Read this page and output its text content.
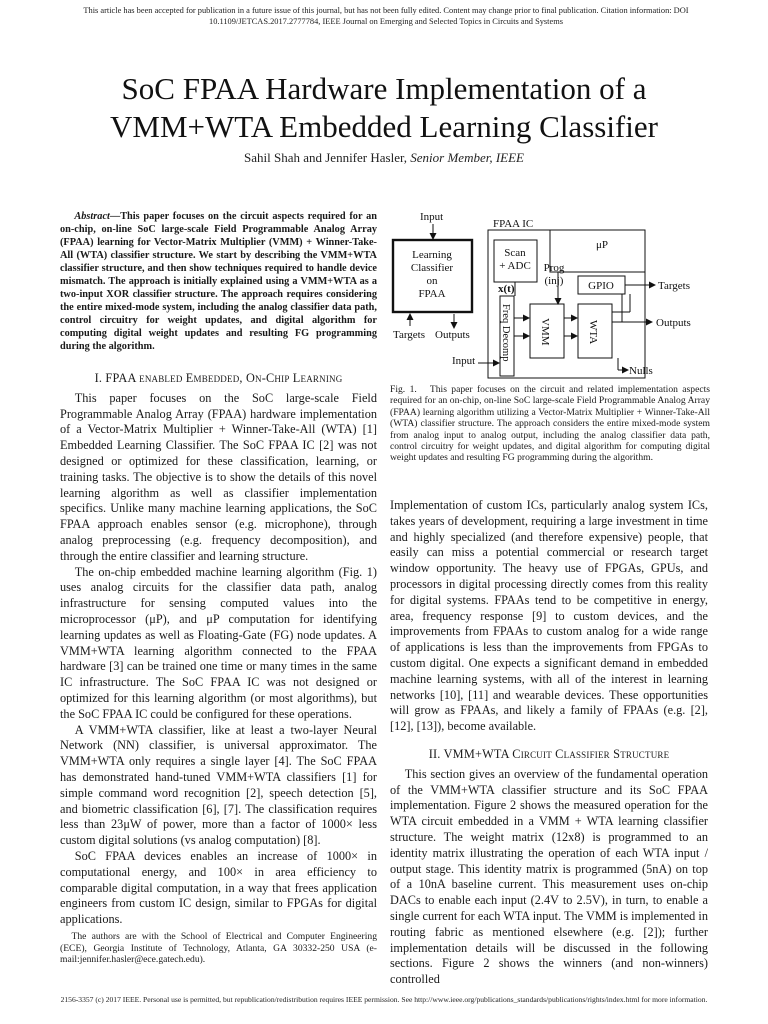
This article has been accepted for publication in a future issue of this journal, but has not been fully edited. Content may change prior to final publication. Citation information: DOI 10.1109/JETCAS.2017.2777784, IEEE Journal on Emerging and Selected Topics in Circuits and Systems
SoC FPAA Hardware Implementation of a
VMM+WTA Embedded Learning Classifier
Sahil Shah and Jennifer Hasler, Senior Member, IEEE

Abstract—This paper focuses on the circuit aspects required for an on-chip, on-line SoC large-scale Field Programmable Analog Array (FPAA) learning for Vector-Matrix Multiplier (VMM) + Winner-Take-All (WTA) classifier structure. We start by describing the VMM+WTA classifier structure, and then show techniques required to handle device mismatch. The approach is initially explained using a VMM+WTA as a two-input XOR classifier structure. The approach requires considering the entire mixed-mode system, including the analog classifier data path, control circuitry for weight updates, and digital algorithm for computing digital weight updates and resulting FG programming during the algorithm.

I. FPAA enabled Embedded, On-Chip Learning

This paper focuses on the SoC large-scale Field Programmable Analog Array (FPAA) hardware implementation of a Vector-Matrix Multiplier + Winner-Take-All (WTA) [1] Embedded Learning Classifier. The SoC FPAA IC [2] was not designed or optimized for these classification, learning, or training tasks. The objective is to show the details of this novel learning algorithm as well as classifier implementation specifics. Unlike many machine learning applications, the SoC FPAA approach enables sensor (e.g. microphone), through analog preprocessing (e.g. frequency decomposition), and through the entire classifier and learning structure.

The on-chip embedded machine learning algorithm (Fig. 1) uses analog circuits for the classifier data path, analog infrastructure for sensing computed values into the microprocessor (μP), and μP computation for identifying learning updates as well as Floating-Gate (FG) node updates. A VMM+WTA learning algorithm connected to the FPAA hardware [3] can be trained one time or many times in the same IC infrastructure. The SoC FPAA IC was not designed or optimized for this learning algorithm (or most algorithms), but the SoC FPAA IC could be configured for these operations.

A VMM+WTA classifier, like at least a two-layer Neural Network (NN) classifier, is universal approximator. The VMM+WTA only requires a single layer [4]. The SoC FPAA has demonstrated hand-tuned VMM+WTA classifiers [1] for simple command word recognition [2], speech detection [5], and biometric classification [6], [7]. The classification requires less than 23μW of power, more than a factor of 1000× less custom digital solutions (vs analog computation) [8].

SoC FPAA devices enables an increase of 1000× in computational energy, and 100× in area efficiency to comparable digital computation, in a way that frees application engineers from custom IC design, similar to FPGAs for digital applications.

The authors are with the School of Electrical and Computer Engineering (ECE), Georgia Institute of Technology, Atlanta, GA 30332-250 USA (e-mail:jennifer.hasler@ece.gatech.edu).
Input
Learning
Classifier
on
FPAA
Targets Outputs
FPAA IC
Scan
+ ADC
μP
Prog
(inj)
x(t)	GPIO	Targets
Freq Decomp	VMM	WTA	Outputs
Input
Nulls
Fig. 1. This paper focuses on the circuit and related implementation aspects required for an on-chip, on-line SoC large-scale Field Programmable Analog Array (FPAA) learning algorithm utilizing a Vector-Matrix Multiplier + Winner-Take-All (WTA) classifier structure. The approach considers the entire mixed-mode system from analog input to analog output, including the analog classifier data path, control circuitry for weight updates, and digital algorithm for computing digital weight updates and resulting FG programming during the algorithm.

Implementation of custom ICs, particularly analog system ICs, takes years of development, requiring a large investment in time and highly specialized (and therefore expensive) people, that easily can miss a potential commercial or research target window opportunity. The heavy use of FPGAs, GPUs, and processors in digital processing directly comes from this reality for digital systems. FPAAs tend to be competitive in energy, area, frequency response [9] to custom devices, and the improvements from FPAAs to custom analog for a wide range of applications is less than the improvements from FPGAs to custom digital. One expects a significant demand in embedded machine learning systems, with all of the interest in learning networks [10], [11] and wearable devices. These opportunities will grow as FPAAs, and likely a family of FPAAs (e.g. [2], [12], [13]), become available.

II. VMM+WTA Circuit Classifier Structure

This section gives an overview of the fundamental operation of the VMM+WTA classifier structure and its SoC FPAA implementation. Figure 2 shows the measured operation for the WTA circuit embedded in a VMM + WTA learning classifier structure. The weight matrix (12x8) is programmed to an identity matrix illustrating the operation of each WTA input / output stage. This identity matrix is programmed (5nA) on top of a 10nA baseline current. This measurement uses on-chip DACs to enable each input (2.4V to 2.5V), in turn, to enable a single current for each WTA input. The VMM is implemented in routing fabric as mentioned elsewhere (e.g. [2]); further implementation details will be discussed in the following sections. Figure 2 shows the winners (and non-winners) controlled

2156-3357 (c) 2017 IEEE. Personal use is permitted, but republication/redistribution requires IEEE permission. See http://www.ieee.org/publications_standards/publications/rights/index.html for more information.
